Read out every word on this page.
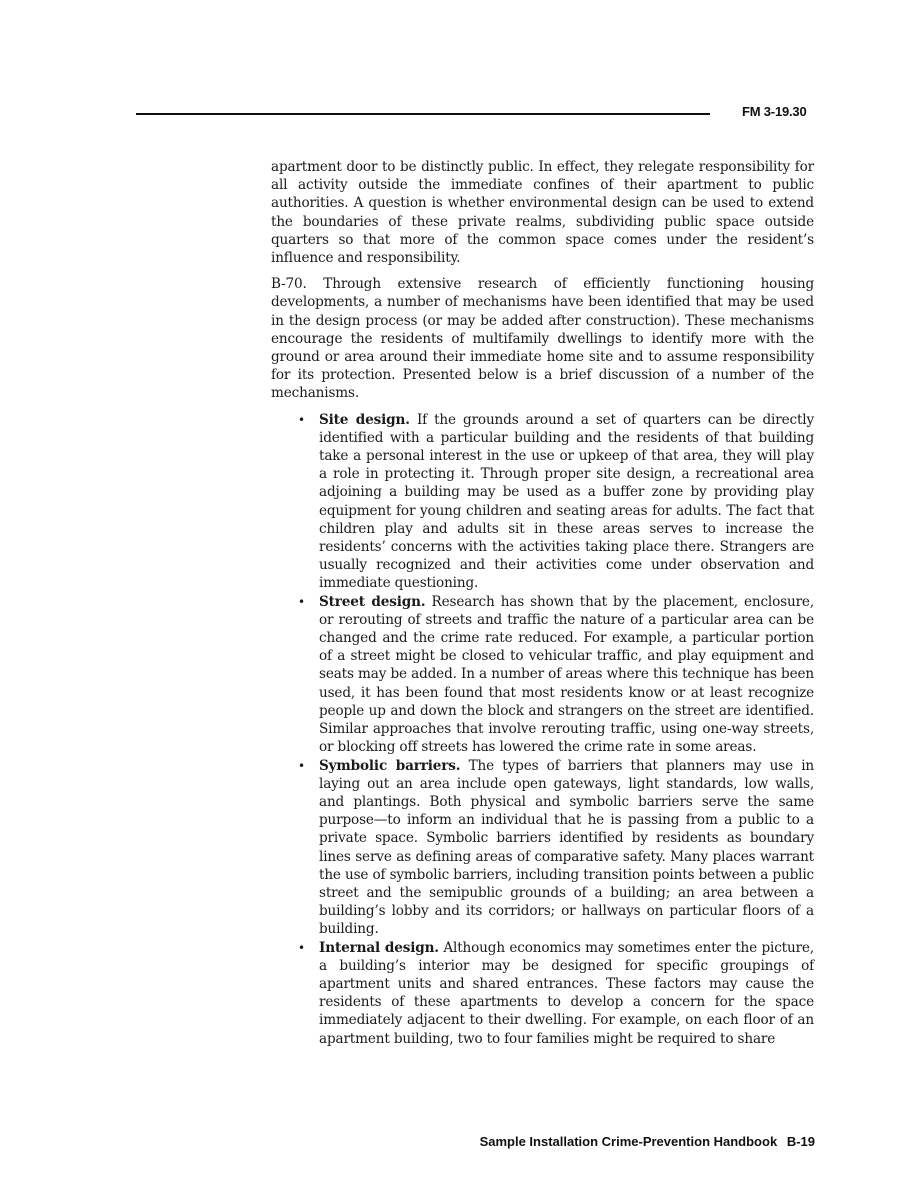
FM 3-19.30

apartment door to be distinctly public. In effect, they relegate responsibility for all activity outside the immediate confines of their apartment to public authorities. A question is whether environmental design can be used to extend the boundaries of these private realms, subdividing public space outside quarters so that more of the common space comes under the resident’s influence and responsibility.

B-70. Through extensive research of efficiently functioning housing developments, a number of mechanisms have been identified that may be used in the design process (or may be added after construction). These mechanisms encourage the residents of multifamily dwellings to identify more with the ground or area around their immediate home site and to assume responsibility for its protection. Presented below is a brief discussion of a number of the mechanisms.

• Site design. If the grounds around a set of quarters can be directly identified with a particular building and the residents of that building take a personal interest in the use or upkeep of that area, they will play a role in protecting it. Through proper site design, a recreational area adjoining a building may be used as a buffer zone by providing play equipment for young children and seating areas for adults. The fact that children play and adults sit in these areas serves to increase the residents’ concerns with the activities taking place there. Strangers are usually recognized and their activities come under observation and immediate questioning.
• Street design. Research has shown that by the placement, enclosure, or rerouting of streets and traffic the nature of a particular area can be changed and the crime rate reduced. For example, a particular portion of a street might be closed to vehicular traffic, and play equipment and seats may be added. In a number of areas where this technique has been used, it has been found that most residents know or at least recognize people up and down the block and strangers on the street are identified. Similar approaches that involve rerouting traffic, using one-way streets, or blocking off streets has lowered the crime rate in some areas.
• Symbolic barriers. The types of barriers that planners may use in laying out an area include open gateways, light standards, low walls, and plantings. Both physical and symbolic barriers serve the same purpose—to inform an individual that he is passing from a public to a private space. Symbolic barriers identified by residents as boundary lines serve as defining areas of comparative safety. Many places warrant the use of symbolic barriers, including transition points between a public street and the semipublic grounds of a building; an area between a building’s lobby and its corridors; or hallways on particular floors of a building.
• Internal design. Although economics may sometimes enter the picture, a building’s interior may be designed for specific groupings of apartment units and shared entrances. These factors may cause the residents of these apartments to develop a concern for the space immediately adjacent to their dwelling. For example, on each floor of an apartment building, two to four families might be required to share
Sample Installation Crime-Prevention Handbook B-19
